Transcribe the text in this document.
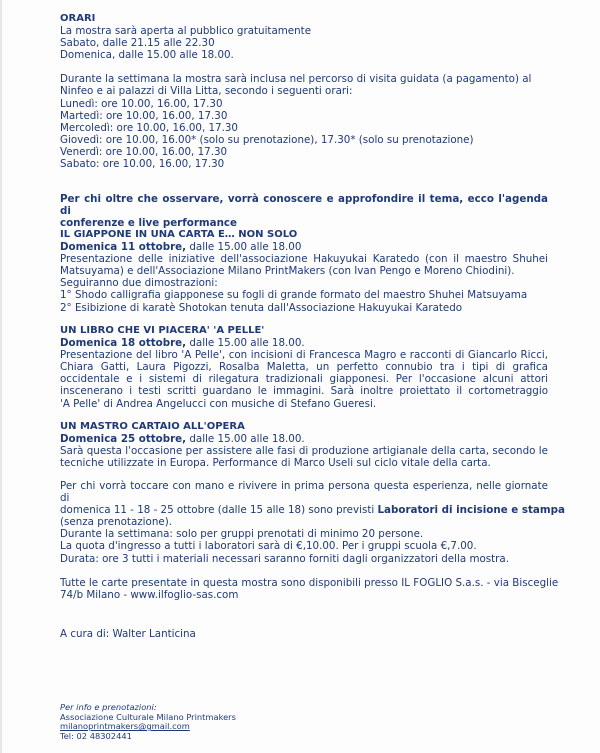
ORARI
La mostra sarà aperta al pubblico gratuitamente
Sabato, dalle 21.15 alle 22.30
Domenica, dalle 15.00 alle 18.00.
Durante la settimana la mostra sarà inclusa nel percorso di visita guidata (a pagamento) al
Ninfeo e ai palazzi di Villa Litta, secondo i seguenti orari:
Lunedì: ore 10.00, 16.00, 17.30
Martedì: ore 10.00, 16.00, 17.30
Mercoledì: ore 10.00, 16.00, 17.30
Giovedì: ore 10.00, 16.00* (solo su prenotazione), 17.30* (solo su prenotazione)
Venerdì: ore 10.00, 16.00, 17.30
Sabato: ore 10.00, 16.00, 17.30
Per chi oltre che osservare, vorrà conoscere e approfondire il tema, ecco l'agenda di
conferenze e live performance
IL GIAPPONE IN UNA CARTA E… NON SOLO
Domenica 11 ottobre, dalle 15.00 alle 18.00
Presentazione delle iniziative dell'associazione Hakuyukai Karatedo (con il maestro Shuhei
Matsuyama) e dell'Associazione Milano PrintMakers (con Ivan Pengo e Moreno Chiodini).
Seguiranno due dimostrazioni:
1° Shodo calligrafia giapponese su fogli di grande formato del maestro Shuhei Matsuyama
2° Esibizione di karatè Shotokan tenuta dall'Associazione Hakuyukai Karatedo
UN LIBRO CHE VI PIACERA' 'A PELLE'
Domenica 18 ottobre, dalle 15.00 alle 18.00.
Presentazione del libro 'A Pelle', con incisioni di Francesca Magro e racconti di Giancarlo Ricci,
Chiara Gatti, Laura Pigozzi, Rosalba Maletta, un perfetto connubio tra i tipi di grafica
occidentale e i sistemi di rilegatura tradizionali giapponesi. Per l'occasione alcuni attori
inscenerano i testi scritti guardano le immagini. Sarà inoltre proiettato il cortometraggio
'A Pelle' di Andrea Angelucci con musiche di Stefano Gueresi.
UN MASTRO CARTAIO ALL'OPERA
Domenica 25 ottobre, dalle 15.00 alle 18.00.
Sarà questa l'occasione per assistere alle fasi di produzione artigianale della carta, secondo le
tecniche utilizzate in Europa. Performance di Marco Useli sul ciclo vitale della carta.
Per chi vorrà toccare con mano e rivivere in prima persona questa esperienza, nelle giornate di
domenica 11 - 18 - 25 ottobre (dalle 15 alle 18) sono previsti Laboratori di incisione e stampa
(senza prenotazione).
Durante la settimana: solo per gruppi prenotati di minimo 20 persone.
La quota d'ingresso a tutti i laboratori sarà di €,10.00. Per i gruppi scuola €,7.00.
Durata: ore 3 tutti i materiali necessari saranno forniti dagli organizzatori della mostra.
Tutte le carte presentate in questa mostra sono disponibili presso IL FOGLIO S.a.s. - via Bisceglie
74/b Milano - www.ilfoglio-sas.com
A cura di: Walter Lanticina
Per info e prenotazioni:
Associazione Culturale Milano Printmakers
milanoprintmakers@gmail.com
Tel: 02 48302441
